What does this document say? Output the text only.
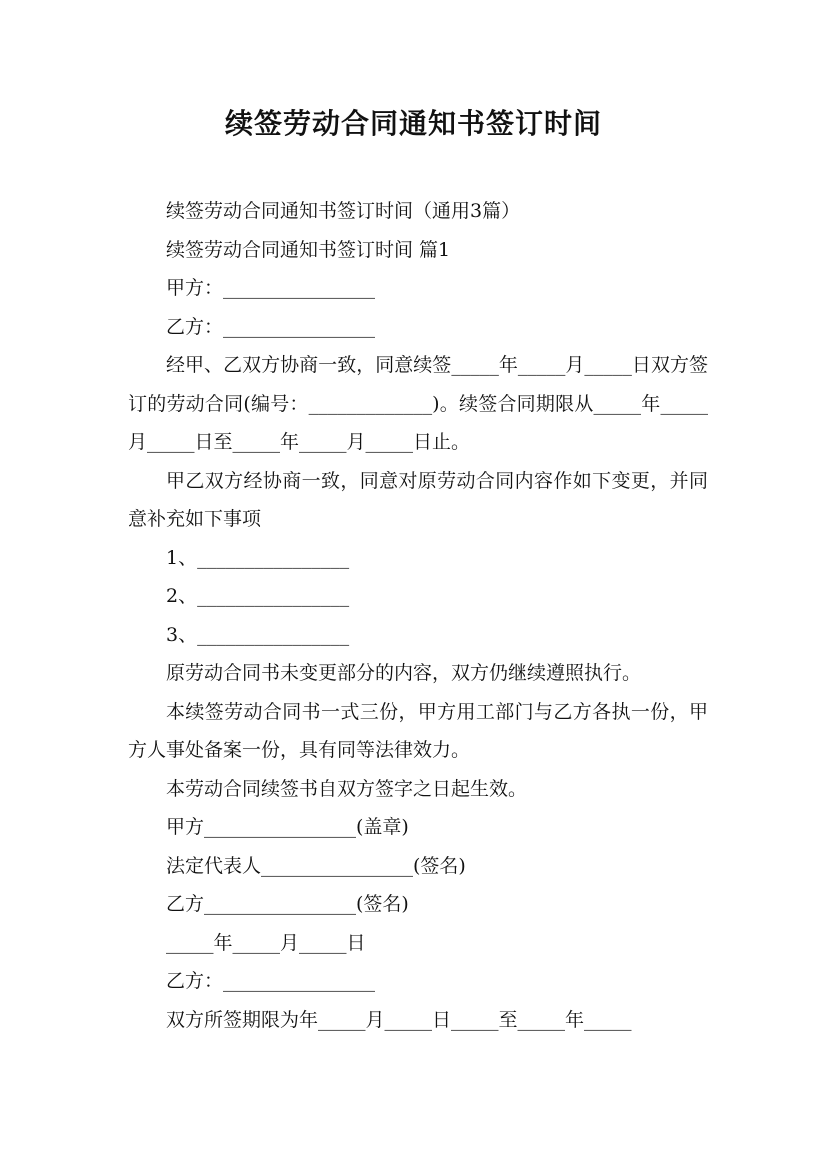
续签劳动合同通知书签订时间

续签劳动合同通知书签订时间（通用3篇）

续签劳动合同通知书签订时间 篇1

甲方：________________

乙方：________________

经甲、乙双方协商一致，同意续签_____年_____月_____日双方签订的劳动合同(编号：_____________)。续签合同期限从_____年_____月_____日至_____年_____月_____日止。

甲乙双方经协商一致，同意对原劳动合同内容作如下变更，并同意补充如下事项

1、________________

2、________________

3、________________

原劳动合同书未变更部分的内容，双方仍继续遵照执行。

本续签劳动合同书一式三份，甲方用工部门与乙方各执一份，甲方人事处备案一份，具有同等法律效力。

本劳动合同续签书自双方签字之日起生效。

甲方________________(盖章)

法定代表人________________(签名)

乙方________________(签名)

_____年_____月_____日

乙方：________________

双方所签期限为年_____月_____日_____至_____年_____
